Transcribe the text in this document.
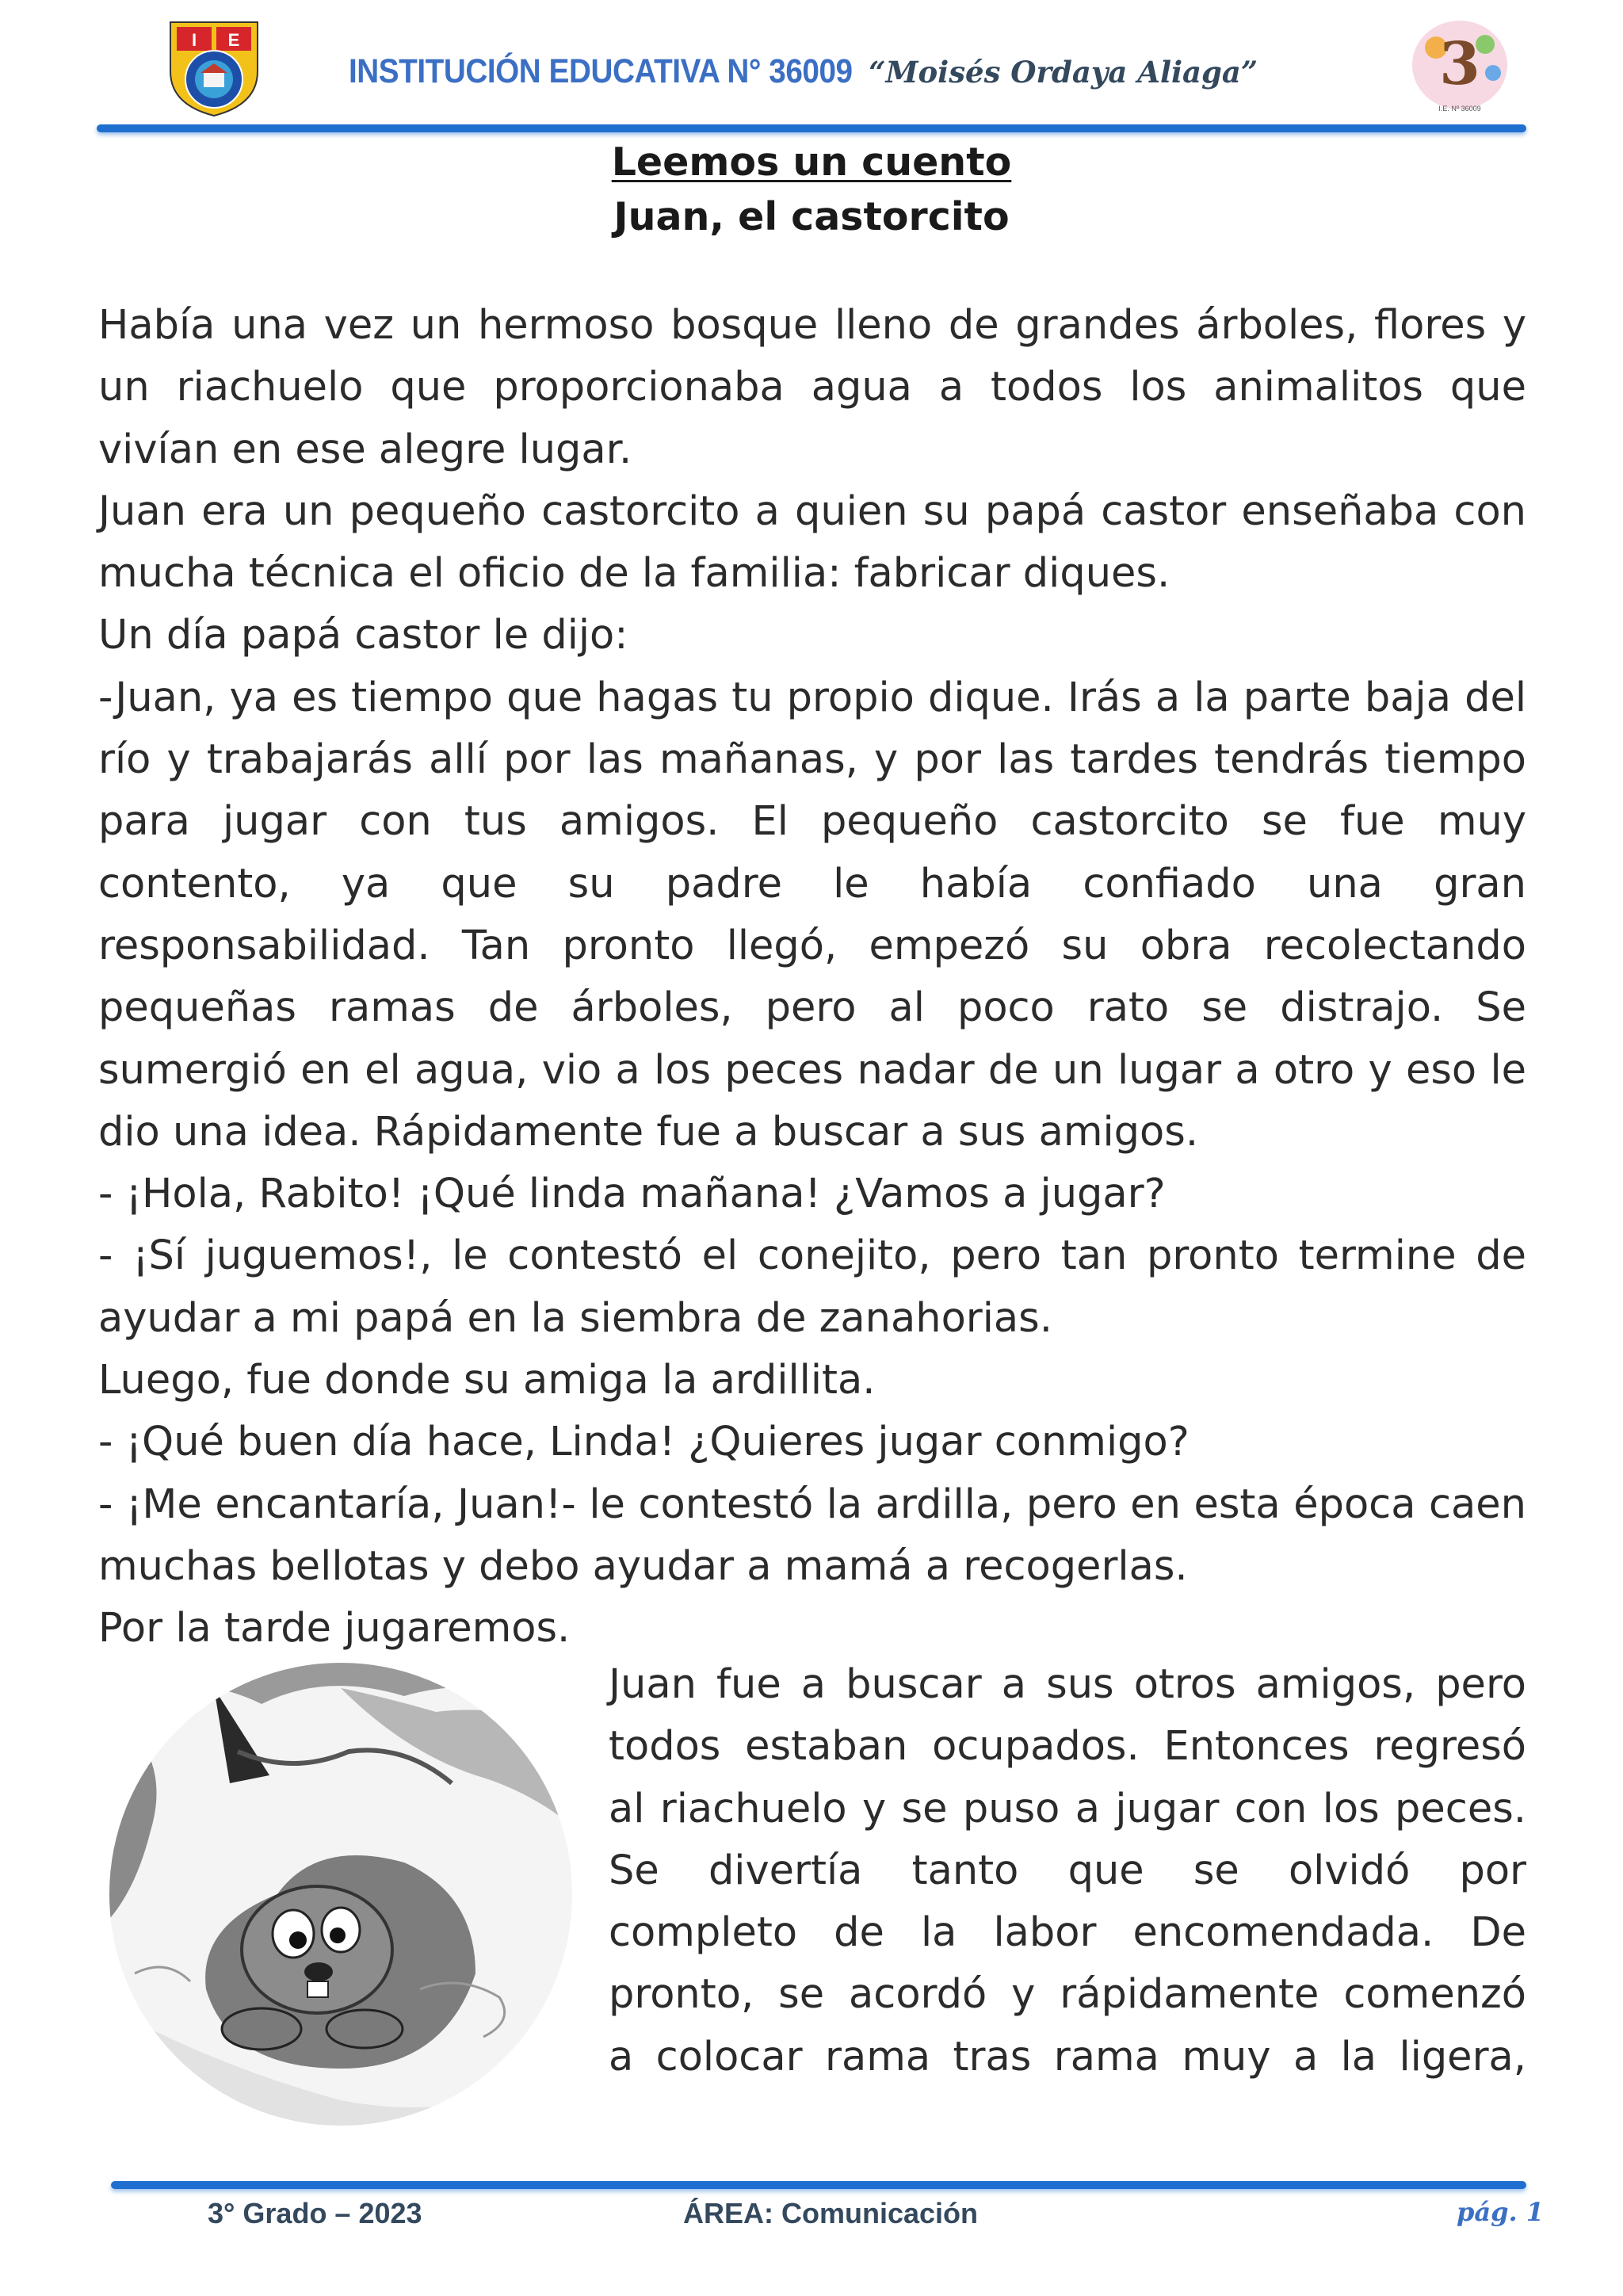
I E
INSTITUCIÓN EDUCATIVA N° 36009 “Moisés Ordaya Aliaga”	3
I.E. Nº 36009
Leemos un cuento
Juan, el castorcito

Había una vez un hermoso bosque lleno de grandes árboles, flores y un riachuelo que proporcionaba agua a todos los animalitos que vivían en ese alegre lugar.

Juan era un pequeño castorcito a quien su papá castor enseñaba con mucha técnica el oficio de la familia: fabricar diques.

Un día papá castor le dijo:

-Juan, ya es tiempo que hagas tu propio dique. Irás a la parte baja del río y trabajarás allí por las mañanas, y por las tardes tendrás tiempo para jugar con tus amigos. El pequeño castorcito se fue muy contento, ya que su padre le había confiado una gran responsabilidad. Tan pronto llegó, empezó su obra recolectando pequeñas ramas de árboles, pero al poco rato se distrajo. Se sumergió en el agua, vio a los peces nadar de un lugar a otro y eso le dio una idea. Rápidamente fue a buscar a sus amigos.

- ¡Hola, Rabito! ¡Qué linda mañana! ¿Vamos a jugar?

- ¡Sí juguemos!, le contestó el conejito, pero tan pronto termine de ayudar a mi papá en la siembra de zanahorias.

Luego, fue donde su amiga la ardillita.

- ¡Qué buen día hace, Linda! ¿Quieres jugar conmigo?

- ¡Me encantaría, Juan!- le contestó la ardilla, pero en esta época caen muchas bellotas y debo ayudar a mamá a recogerlas.

Por la tarde jugaremos.

Juan fue a buscar a sus otros amigos, pero

todos estaban ocupados. Entonces regresó

al riachuelo y se puso a jugar con los peces.

Se divertía tanto que se olvidó por

completo de la labor encomendada. De

pronto, se acordó y rápidamente comenzó

a colocar rama tras rama muy a la ligera,

3° Grado – 2023	ÁREA: Comunicación	pág. 1
